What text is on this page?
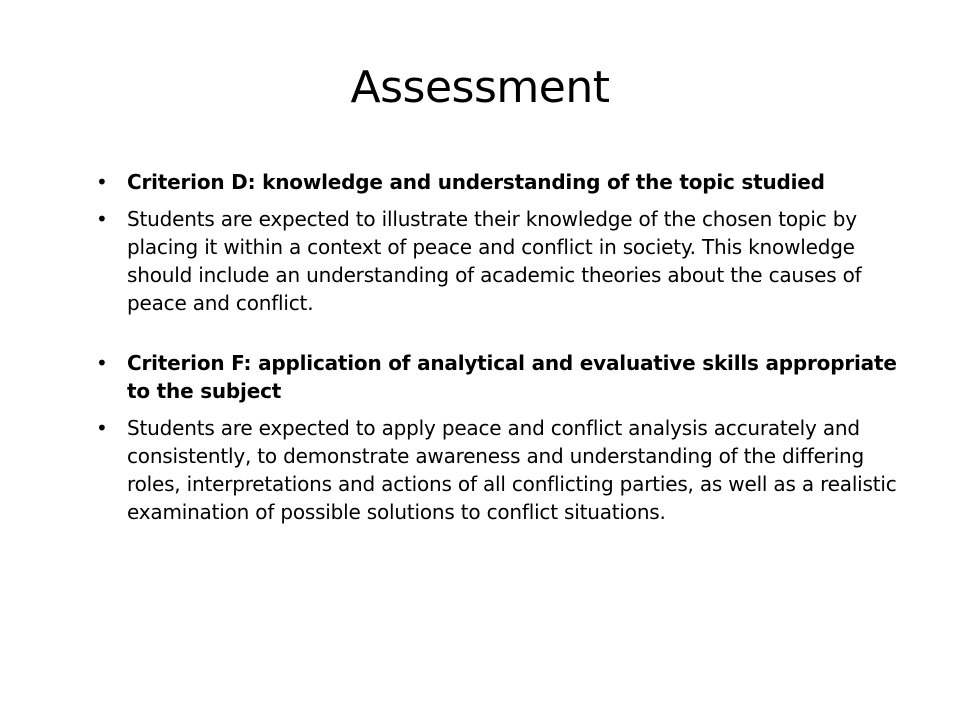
Assessment
• Criterion D: knowledge and understanding of the topic studied
• Students are expected to illustrate their knowledge of the chosen topic by placing it within a context of peace and conflict in society. This knowledge should include an understanding of academic theories about the causes of peace and conflict.
• Criterion F: application of analytical and evaluative skills appropriate to the subject
• Students are expected to apply peace and conflict analysis accurately and consistently, to demonstrate awareness and understanding of the differing roles, interpretations and actions of all conflicting parties, as well as a realistic examination of possible solutions to conflict situations.
